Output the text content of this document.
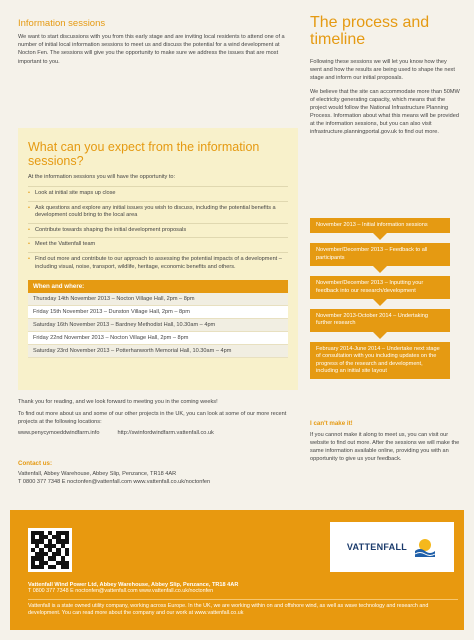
Information sessions

We want to start discussions with you from this early stage and are inviting local residents to attend one of a number of initial local information sessions to meet us and discuss the potential for a wind development at Nocton Fen. The sessions will give you the opportunity to make sure we address the issues that are most important to you.

What can you expect from the information sessions?
At the information sessions you will have the opportunity to:
• Look at initial site maps up close
• Ask questions and explore any initial issues you wish to discuss, including the potential benefits a development could bring to the local area
• Contribute towards shaping the initial development proposals
• Meet the Vattenfall team
• Find out more and contribute to our approach to assessing the potential impacts of a development – including visual, noise, transport, wildlife, heritage, economic benefits and others.
When and where:
Thursday 14th November 2013 – Nocton Village Hall, 2pm – 8pm
Friday 15th November 2013 – Dunston Village Hall, 2pm – 8pm
Saturday 16th November 2013 – Bardney Methodist Hall, 10.30am – 4pm
Friday 22nd November 2013 – Nocton Village Hall, 2pm – 8pm
Saturday 23rd November 2013 – Potterhanworth Memorial Hall, 10.30am – 4pm

Thank you for reading, and we look forward to meeting you in the coming weeks!

To find out more about us and some of our other projects in the UK, you can look at some of our more recent projects at the following locations:

www.penycymoeddwindfarm.info	http://swinfordwindfarm.vattenfall.co.uk
Contact us:

Vattenfall, Abbey Warehouse, Abbey Slip, Penzance, TR18 4AR

T 0800 377 7348 E noctonfen@vattenfall.com www.vattenfall.co.uk/noctonfen

The process and timeline

Following these sessions we will let you know how they went and how the results are being used to shape the next stage and inform our initial proposals.

We believe that the site can accommodate more than 50MW of electricity generating capacity, which means that the project would follow the National Infrastructure Planning Process. Information about what this means will be provided at the information sessions, but you can also visit infrastructure.planningportal.gov.uk to find out more.

November 2013 – Initial information sessions
November/December 2013 – Feedback to all participants
November/December 2013 – Inputting your feedback into our research/development
November 2013-October 2014 – Undertaking further research
February 2014-June 2014 – Undertake next stage of consultation with you including updates on the progress of the research and development, including an initial site layout
I can't make it!

If you cannot make it along to meet us, you can visit our website to find out more. After the sessions we will make the same information available online, providing you with an opportunity to give us your feedback.

VATTENFALL
Vattenfall Wind Power Ltd, Abbey Warehouse, Abbey Slip, Penzance, TR18 4AR

T 0800 377 7348 E noctonfen@vattenfall.com www.vattenfall.co.uk/noctonfen

Vattenfall is a state owned utility company, working across Europe. In the UK, we are working within on and offshore wind, as well as wave technology and research and development. You can read more about the company and our work at www.vattenfall.co.uk
